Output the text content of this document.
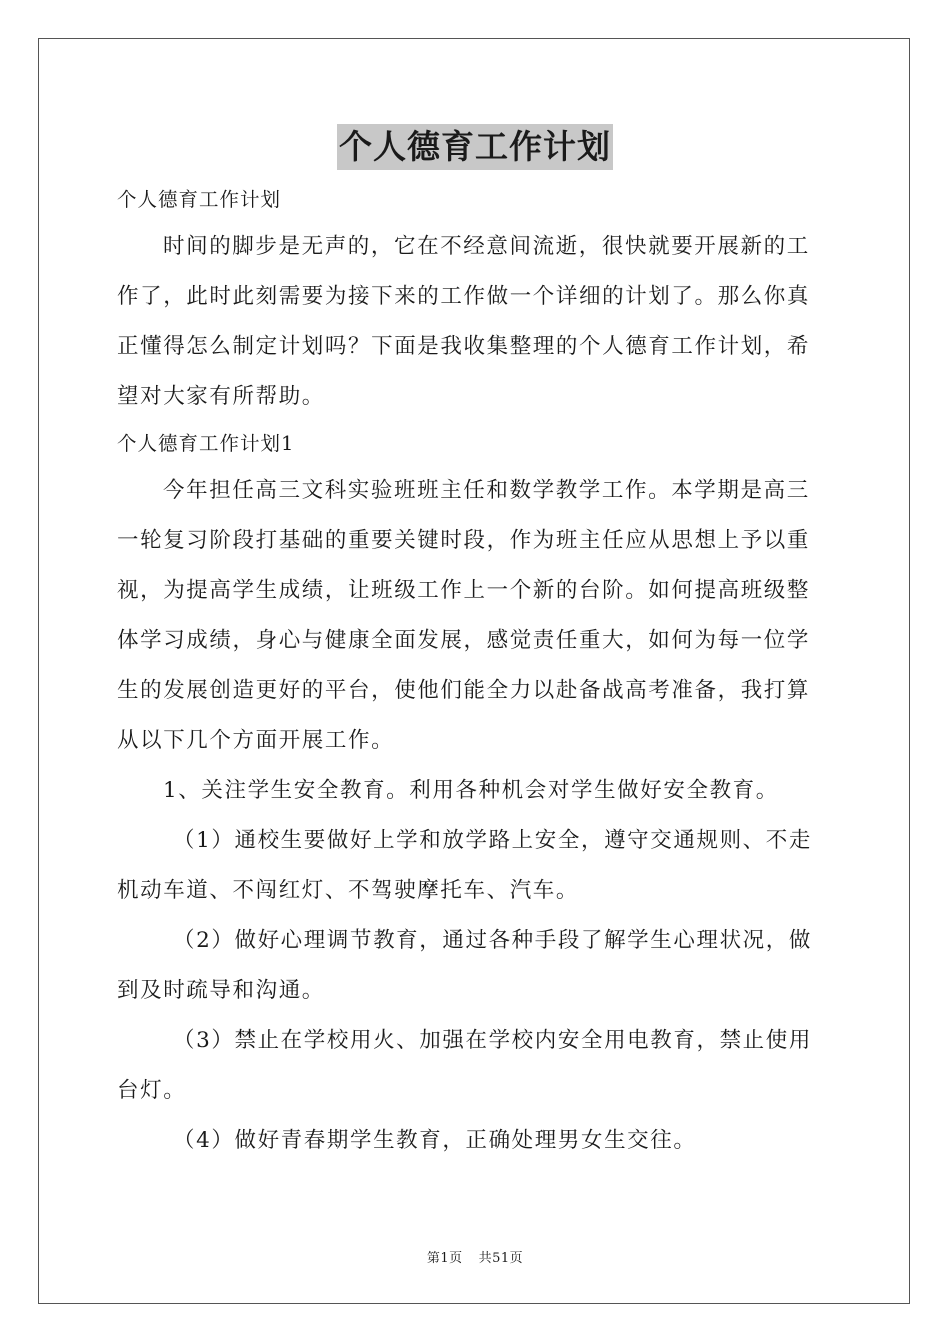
个人德育工作计划

个人德育工作计划

时间的脚步是无声的，它在不经意间流逝，很快就要开展新的工

作了，此时此刻需要为接下来的工作做一个详细的计划了。那么你真

正懂得怎么制定计划吗？下面是我收集整理的个人德育工作计划，希

望对大家有所帮助。

个人德育工作计划1

今年担任高三文科实验班班主任和数学教学工作。本学期是高三

一轮复习阶段打基础的重要关键时段，作为班主任应从思想上予以重

视，为提高学生成绩，让班级工作上一个新的台阶。如何提高班级整

体学习成绩，身心与健康全面发展，感觉责任重大，如何为每一位学

生的发展创造更好的平台，使他们能全力以赴备战高考准备，我打算

从以下几个方面开展工作。

1、关注学生安全教育。利用各种机会对学生做好安全教育。

（1）通校生要做好上学和放学路上安全，遵守交通规则、不走

机动车道、不闯红灯、不驾驶摩托车、汽车。

（2）做好心理调节教育，通过各种手段了解学生心理状况，做

到及时疏导和沟通。

（3）禁止在学校用火、加强在学校内安全用电教育，禁止使用

台灯。

（4）做好青春期学生教育，正确处理男女生交往。

第1页 共51页
